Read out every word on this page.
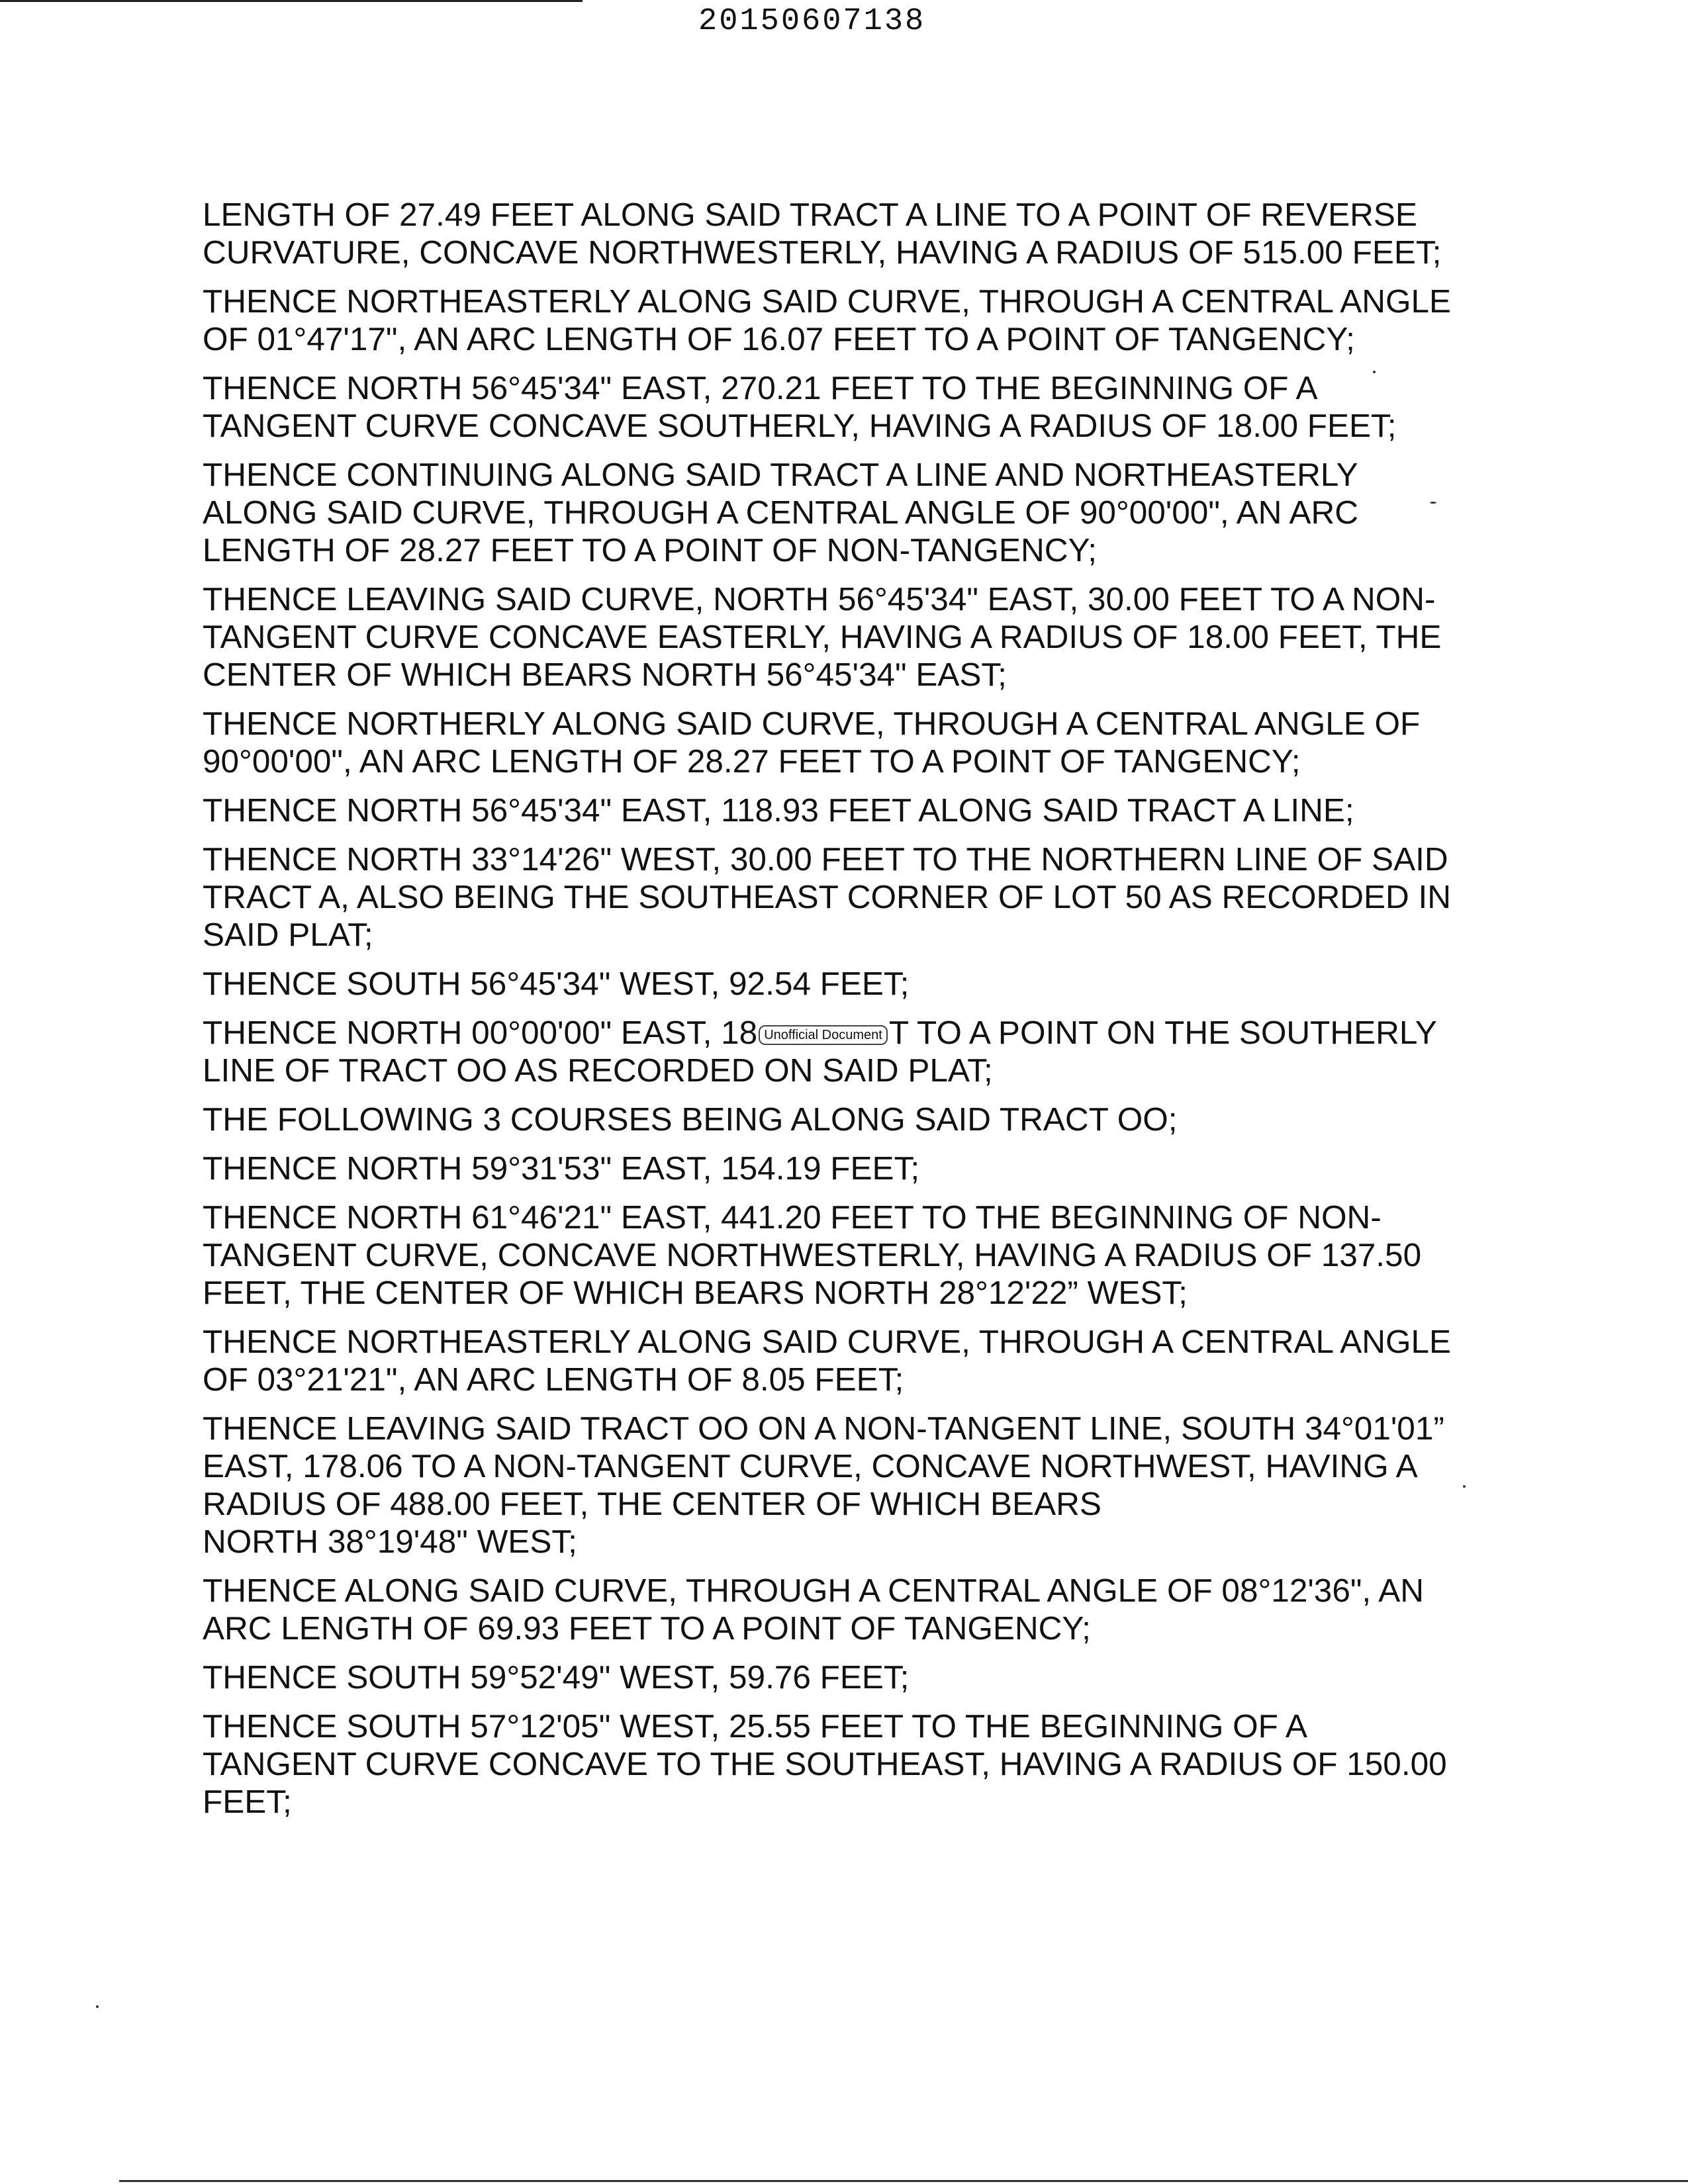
20150607138

LENGTH OF 27.49 FEET ALONG SAID TRACT A LINE TO A POINT OF REVERSE
CURVATURE, CONCAVE NORTHWESTERLY, HAVING A RADIUS OF 515.00 FEET;

THENCE NORTHEASTERLY ALONG SAID CURVE, THROUGH A CENTRAL ANGLE
OF 01°47'17", AN ARC LENGTH OF 16.07 FEET TO A POINT OF TANGENCY;

THENCE NORTH 56°45'34" EAST, 270.21 FEET TO THE BEGINNING OF A
TANGENT CURVE CONCAVE SOUTHERLY, HAVING A RADIUS OF 18.00 FEET;

THENCE CONTINUING ALONG SAID TRACT A LINE AND NORTHEASTERLY
ALONG SAID CURVE, THROUGH A CENTRAL ANGLE OF 90°00'00", AN ARC
LENGTH OF 28.27 FEET TO A POINT OF NON-TANGENCY;

THENCE LEAVING SAID CURVE, NORTH 56°45'34" EAST, 30.00 FEET TO A NON-
TANGENT CURVE CONCAVE EASTERLY, HAVING A RADIUS OF 18.00 FEET, THE
CENTER OF WHICH BEARS NORTH 56°45'34" EAST;

THENCE NORTHERLY ALONG SAID CURVE, THROUGH A CENTRAL ANGLE OF
90°00'00", AN ARC LENGTH OF 28.27 FEET TO A POINT OF TANGENCY;

THENCE NORTH 56°45'34" EAST, 118.93 FEET ALONG SAID TRACT A LINE;

THENCE NORTH 33°14'26" WEST, 30.00 FEET TO THE NORTHERN LINE OF SAID
TRACT A, ALSO BEING THE SOUTHEAST CORNER OF LOT 50 AS RECORDED IN
SAID PLAT;

THENCE SOUTH 56°45'34" WEST, 92.54 FEET;

THENCE NORTH 00°00'00" EAST, 18 Unofficial Document T TO A POINT ON THE SOUTHERLY
LINE OF TRACT OO AS RECORDED ON SAID PLAT;

THE FOLLOWING 3 COURSES BEING ALONG SAID TRACT OO;

THENCE NORTH 59°31'53" EAST, 154.19 FEET;

THENCE NORTH 61°46'21" EAST, 441.20 FEET TO THE BEGINNING OF NON-
TANGENT CURVE, CONCAVE NORTHWESTERLY, HAVING A RADIUS OF 137.50
FEET, THE CENTER OF WHICH BEARS NORTH 28°12'22” WEST;

THENCE NORTHEASTERLY ALONG SAID CURVE, THROUGH A CENTRAL ANGLE
OF 03°21'21", AN ARC LENGTH OF 8.05 FEET;

THENCE LEAVING SAID TRACT OO ON A NON-TANGENT LINE, SOUTH 34°01'01”
EAST, 178.06 TO A NON-TANGENT CURVE, CONCAVE NORTHWEST, HAVING A
RADIUS OF 488.00 FEET, THE CENTER OF WHICH BEARS
NORTH 38°19'48" WEST;

THENCE ALONG SAID CURVE, THROUGH A CENTRAL ANGLE OF 08°12'36", AN
ARC LENGTH OF 69.93 FEET TO A POINT OF TANGENCY;

THENCE SOUTH 59°52'49" WEST, 59.76 FEET;

THENCE SOUTH 57°12'05" WEST, 25.55 FEET TO THE BEGINNING OF A
TANGENT CURVE CONCAVE TO THE SOUTHEAST, HAVING A RADIUS OF 150.00
FEET;
